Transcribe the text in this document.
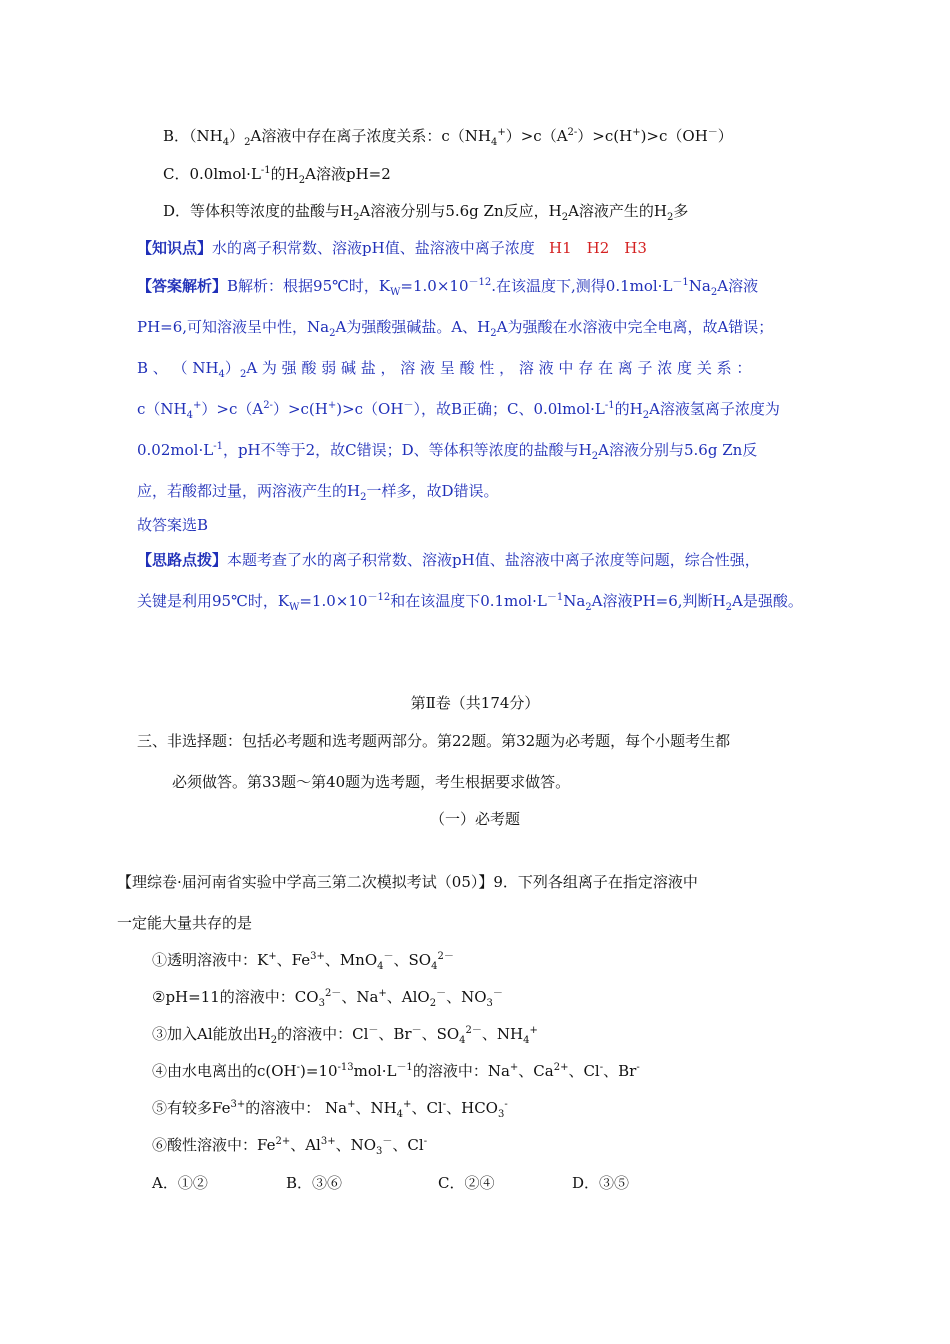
B．$(NH_4)_2A$溶液中存在离子浓度关系：$c(NH_4^+)>c(A^{2-})>c(H^+)>c(OH^-)$
C．$0.0lmol\cdot L^{-1}$的$H_2A$溶液pH=2
D．等体积等浓度的盐酸与$H_2A$溶液分别与5.6g Zn反应，$H_2A$溶液产生的$H_2$多
【知识点】水的离子积常数、溶液pH值、盐溶液中离子浓度 H1　H2　H3
【答案解析】B解析：根据95℃时，$K_W=1.0\times 10^{-12}$.在该温度下,测得$0.1mol\cdot L^{-1}Na_2A$溶液
PH=6,可知溶液呈中性，$Na_2A$为强酸强碱盐。A、$H_2A$为强酸在水溶液中完全电离，故A错误；
B 、 （ $NH_4)_2A$ 为 强 酸 弱 碱 盐 ， 溶 液 呈 酸 性 ， 溶 液 中 存 在 离 子 浓 度 关 系 ：
$c(NH_4^+)>c(A^{2-})>c(H^+)>c(OH^-)$，故B正确；C、$0.0lmol\cdot L^{-1}$的$H_2A$溶液氢离子浓度为
$0.02mol\cdot L^{-1}$，pH不等于2，故C错误；D、等体积等浓度的盐酸与$H_2A$溶液分别与5.6g Zn反
应，若酸都过量，两溶液产生的$H_2$一样多，故D错误。
故答案选B
【思路点拨】本题考查了水的离子积常数、溶液pH值、盐溶液中离子浓度等问题，综合性强，
关键是利用95℃时，$K_W=1.0\times 10^{-12}$和在该温度下$0.1mol\cdot L^{-1}Na_2A$溶液PH=6,判断$H_2A$是强酸。
第Ⅱ卷（共174分）
三、非选择题：包括必考题和选考题两部分。第22题。第32题为必考题，每个小题考生都
必须做答。第33题～第40题为选考题，考生根据要求做答。
（一）必考题
【理综卷·届河南省实验中学高三第二次模拟考试（05）】9．下列各组离子在指定溶液中
一定能大量共存的是
①透明溶液中：K+、$Fe^{3+}$、MnO$_4$－、$SO_4^{2-}$
②pH=11的溶液中：$CO_3^{2-}$、Na+、AlO$_2$－、$NO_3^-$
③加入Al能放出$H_2$的溶液中：Cl－、Br－、$SO_4^{2-}$、$NH_4^+$
④由水电离出的$c(OH^-)=10^{-13}mol\cdot L^{-1}$的溶液中：Na+、$Ca^{2+}$、Cl-、Br-
⑤有较多$Fe^{3+}$的溶液中： Na+、$NH_4^+$、Cl-、$HCO_3^-$
⑥酸性溶液中：$Fe^{2+}$、$Al^{3+}$、$NO_3^-$、Cl-
A．①②	B．③⑥	C．②④	D．③⑤
